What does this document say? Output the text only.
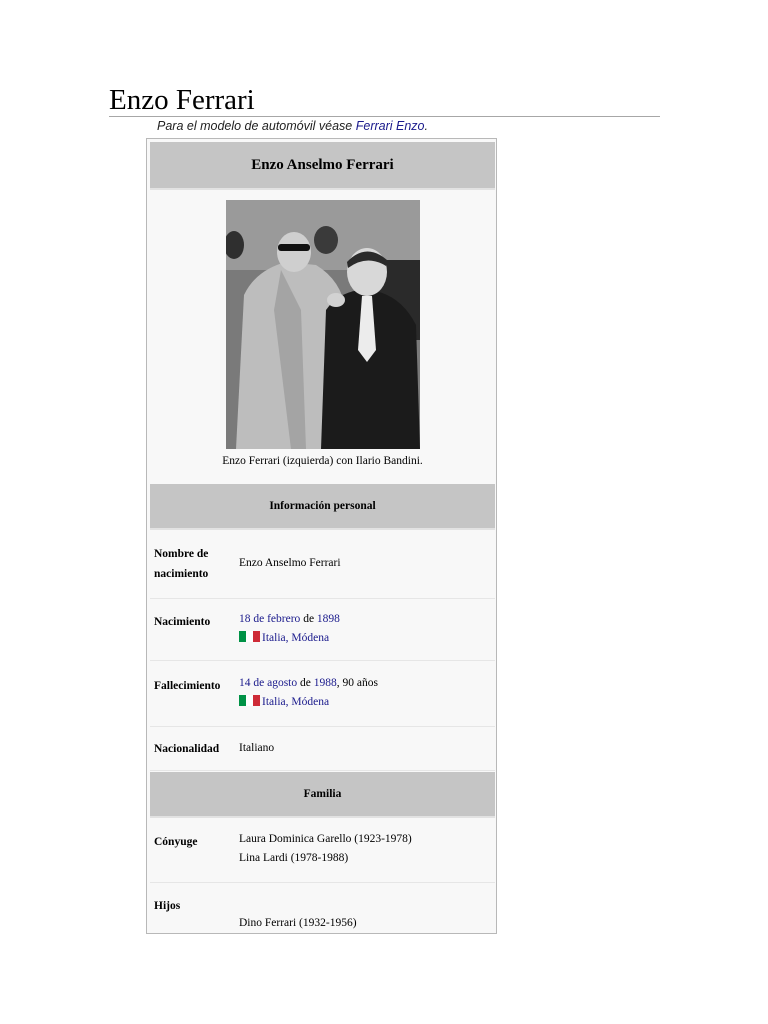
Enzo Ferrari
Para el modelo de automóvil véase Ferrari Enzo.
Enzo Anselmo Ferrari
Enzo Ferrari (izquierda) con Ilario Bandini.
Información personal
Nombre de
nacimiento
Enzo Anselmo Ferrari
Nacimiento	18 de febrero de 1898
Italia, Módena
Fallecimiento 14 de agosto de 1988, 90 años
Italia, Módena
Nacionalidad Italiano
Familia
Cónyuge	Laura Dominica Garello (1923-1978)
Lina Lardi (1978-1988)
Hijos
Dino Ferrari (1932-1956)
